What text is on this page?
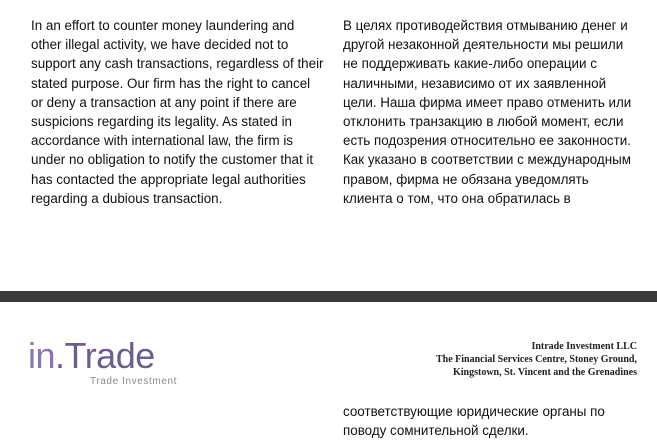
In an effort to counter money laundering and
other illegal activity, we have decided not to
support any cash transactions, regardless of their
stated purpose. Our firm has the right to cancel
or deny a transaction at any point if there are
suspicions regarding its legality. As stated in
accordance with international law, the firm is
under no obligation to notify the customer that it
has contacted the appropriate legal authorities
regarding a dubious transaction.
В целях противодействия отмыванию денег и
другой незаконной деятельности мы решили
не поддерживать какие-либо операции с
наличными, независимо от их заявленной
цели. Наша фирма имеет право отменить или
отклонить транзакцию в любой момент, если
есть подозрения относительно ее законности.
Как указано в соответствии с международным
правом, фирма не обязана уведомлять
клиента о том, что она обратилась в
in.Trade
Trade Investment
Intrade Investment LLC
The Financial Services Centre, Stoney Ground,
Kingstown, St. Vincent and the Grenadines
соответствующие юридические органы по
поводу сомнительной сделки.
